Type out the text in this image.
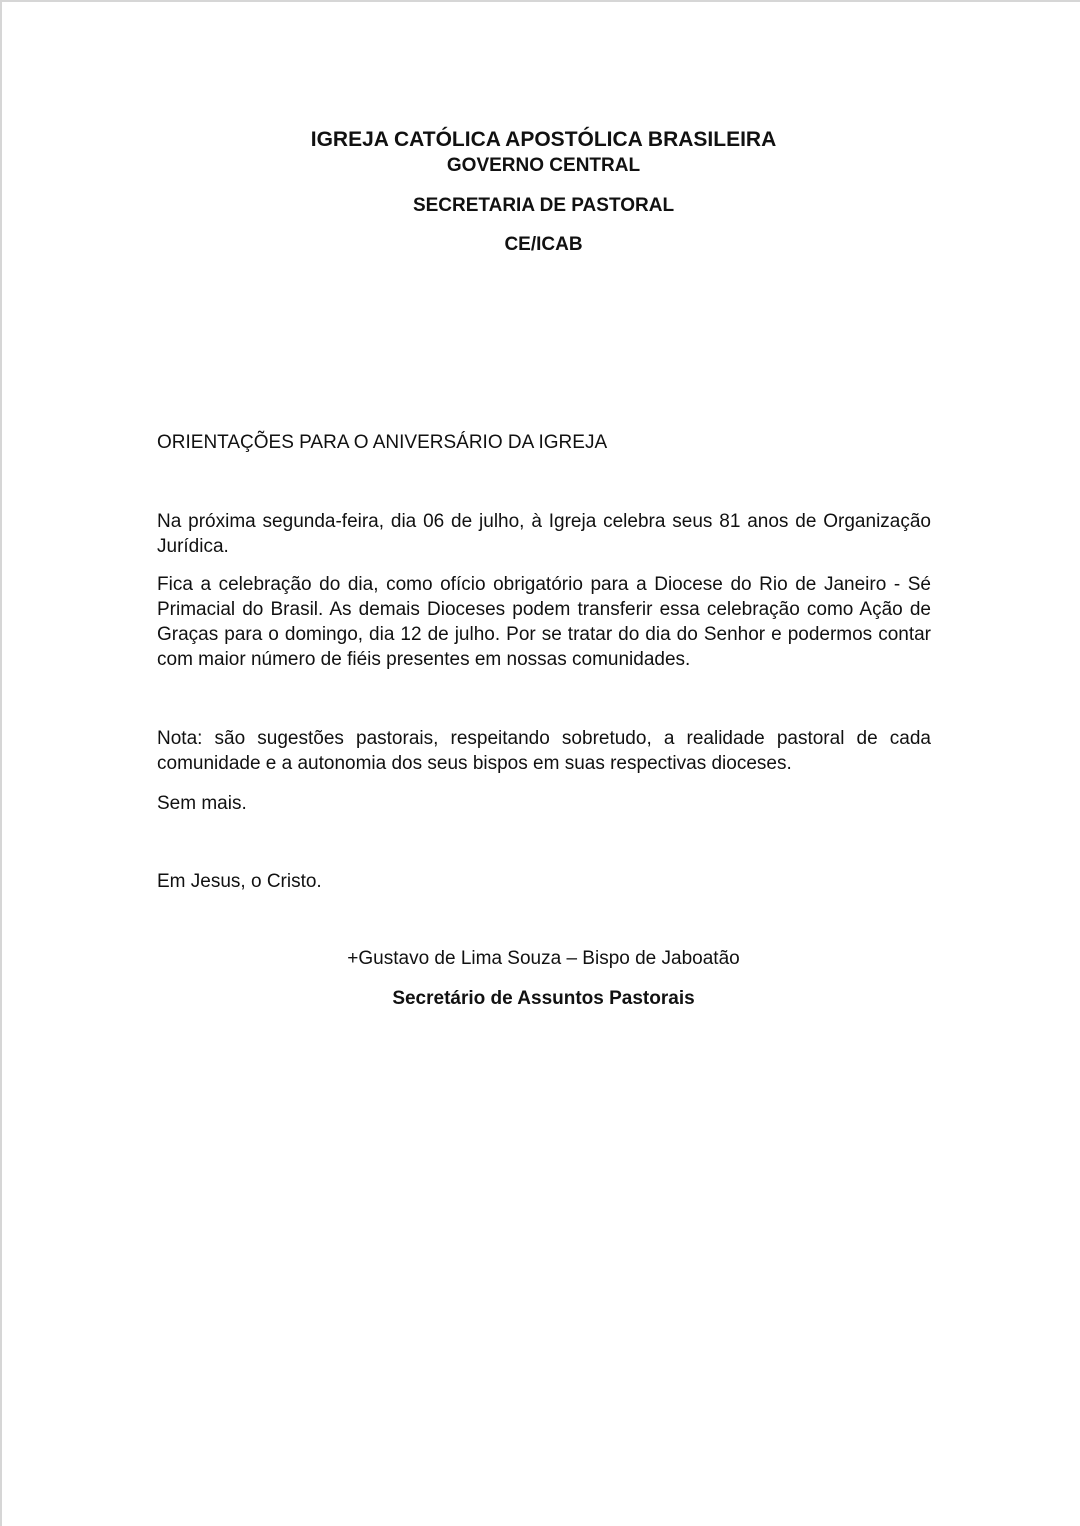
IGREJA CATÓLICA APOSTÓLICA BRASILEIRA
GOVERNO CENTRAL
SECRETARIA DE PASTORAL
CE/ICAB
ORIENTAÇÕES PARA O ANIVERSÁRIO DA IGREJA
Na próxima segunda-feira, dia 06 de julho, à Igreja celebra seus 81 anos de Organização Jurídica.
Fica a celebração do dia, como ofício obrigatório para a Diocese do Rio de Janeiro - Sé Primacial do Brasil. As demais Dioceses podem transferir essa celebração como Ação de Graças para o domingo, dia 12 de julho. Por se tratar do dia do Senhor e podermos contar com maior número de fiéis presentes em nossas comunidades.
Nota: são sugestões pastorais, respeitando sobretudo, a realidade pastoral de cada comunidade e a autonomia dos seus bispos em suas respectivas dioceses.
Sem mais.
Em Jesus, o Cristo.
+Gustavo de Lima Souza – Bispo de Jaboatão
Secretário de Assuntos Pastorais
